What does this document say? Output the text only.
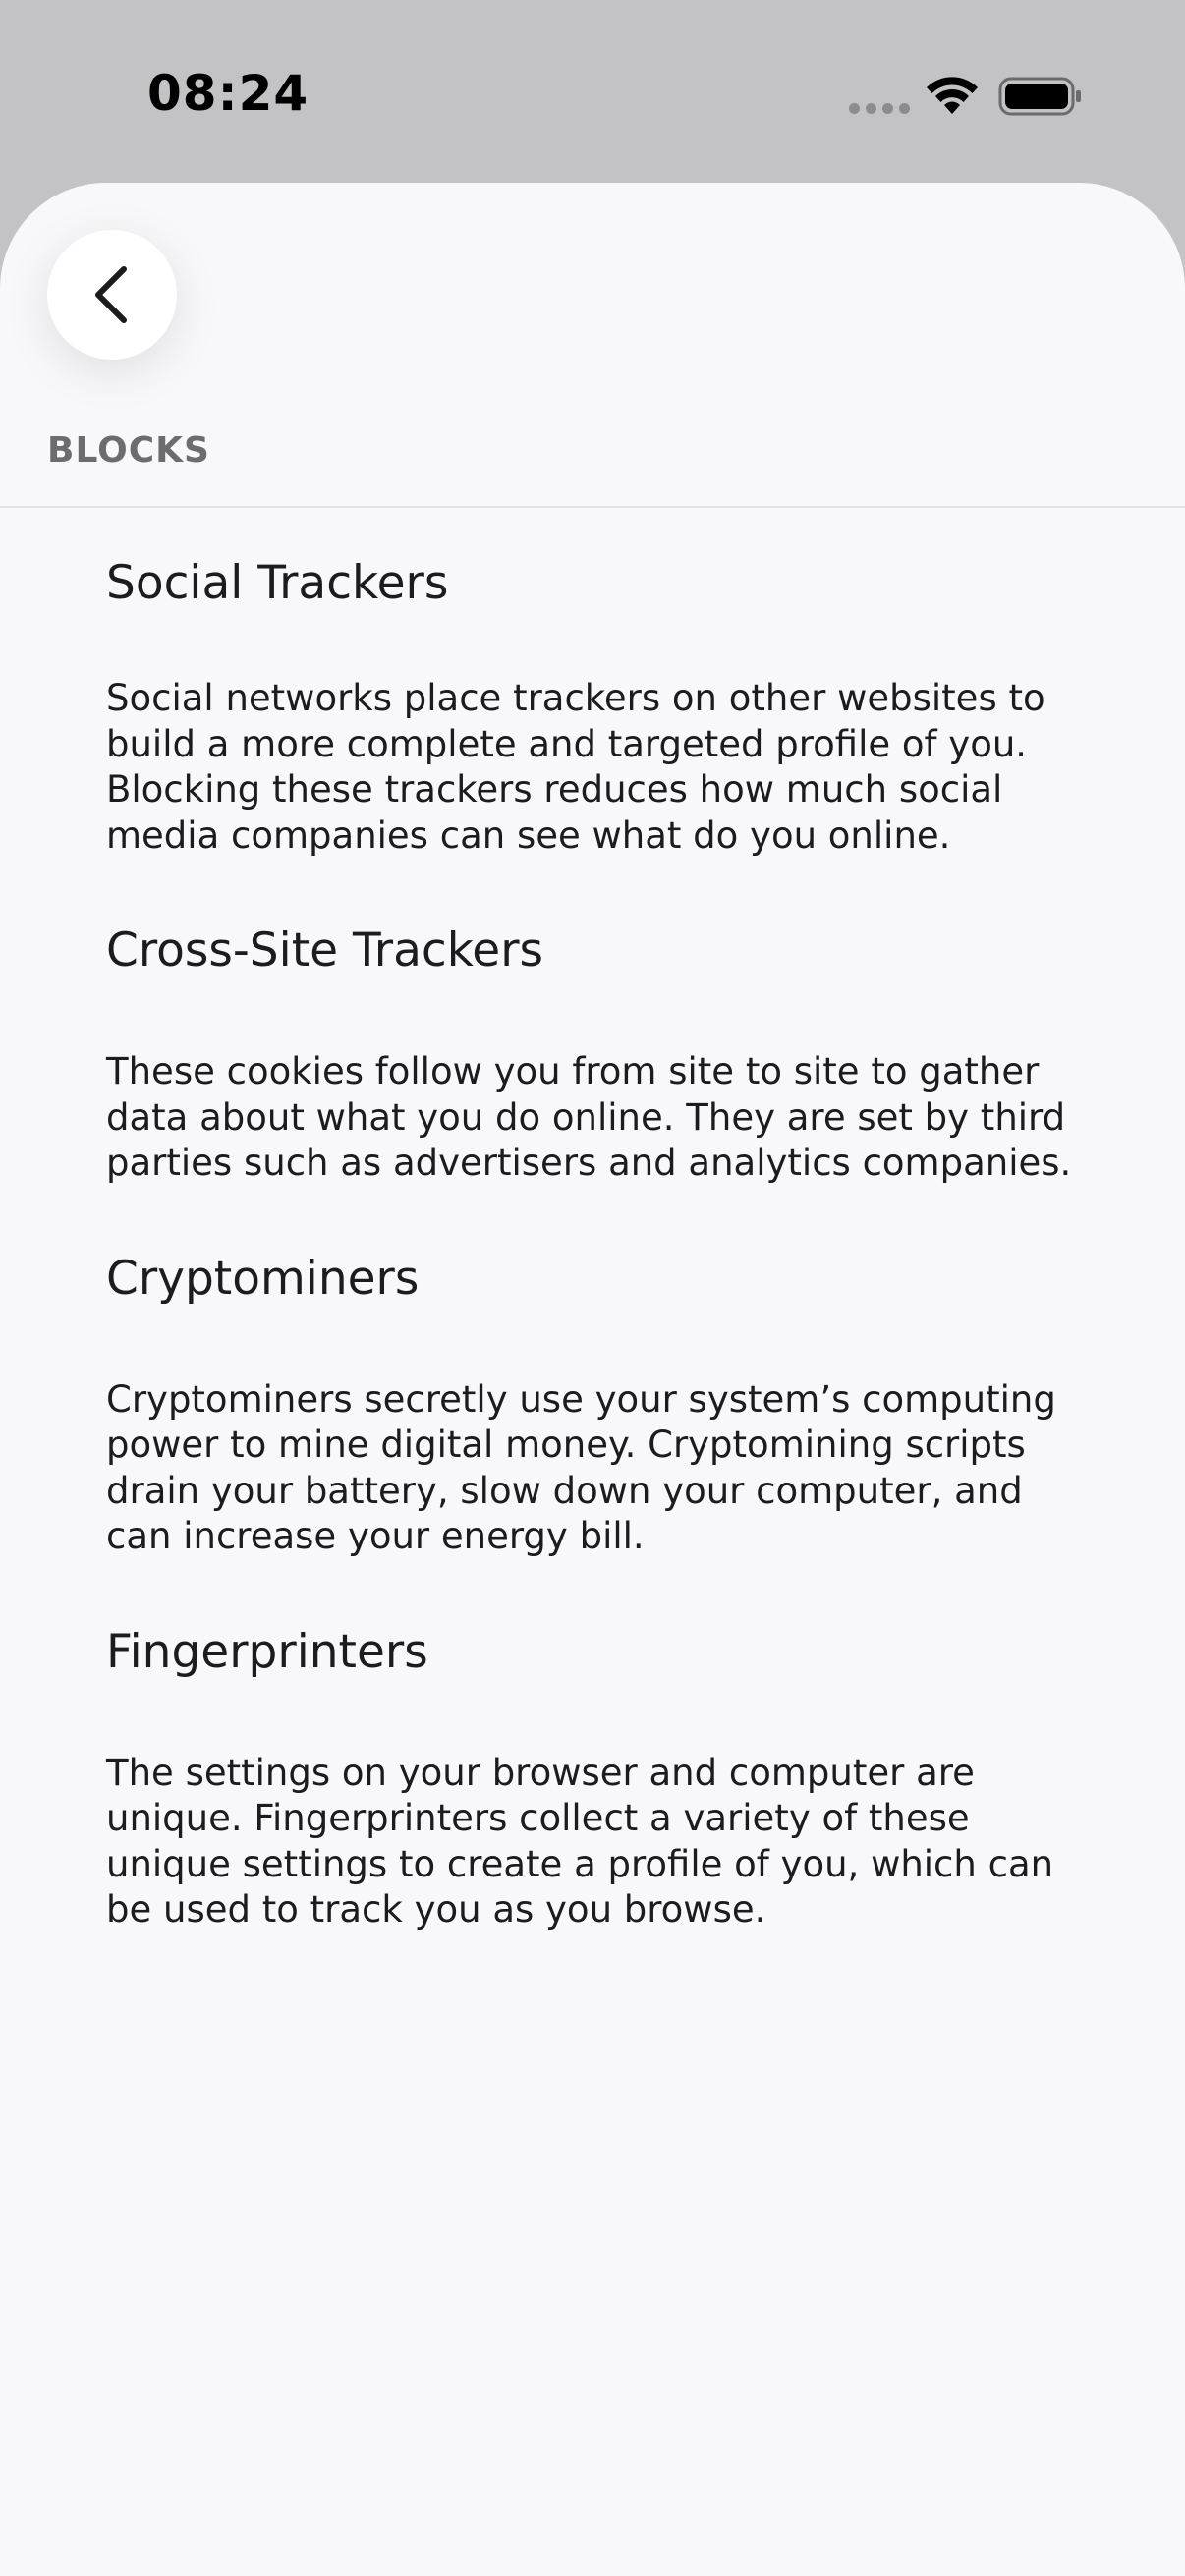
08:24
BLOCKS
Social Trackers
Social networks place trackers on other websites to build a more complete and targeted profile of you. Blocking these trackers reduces how much social media companies can see what do you online.
Cross-Site Trackers
These cookies follow you from site to site to gather data about what you do online. They are set by third parties such as advertisers and analytics companies.
Cryptominers
Cryptominers secretly use your system’s computing power to mine digital money. Cryptomining scripts drain your battery, slow down your computer, and can increase your energy bill.
Fingerprinters
The settings on your browser and computer are unique. Fingerprinters collect a variety of these unique settings to create a profile of you, which can be used to track you as you browse.
